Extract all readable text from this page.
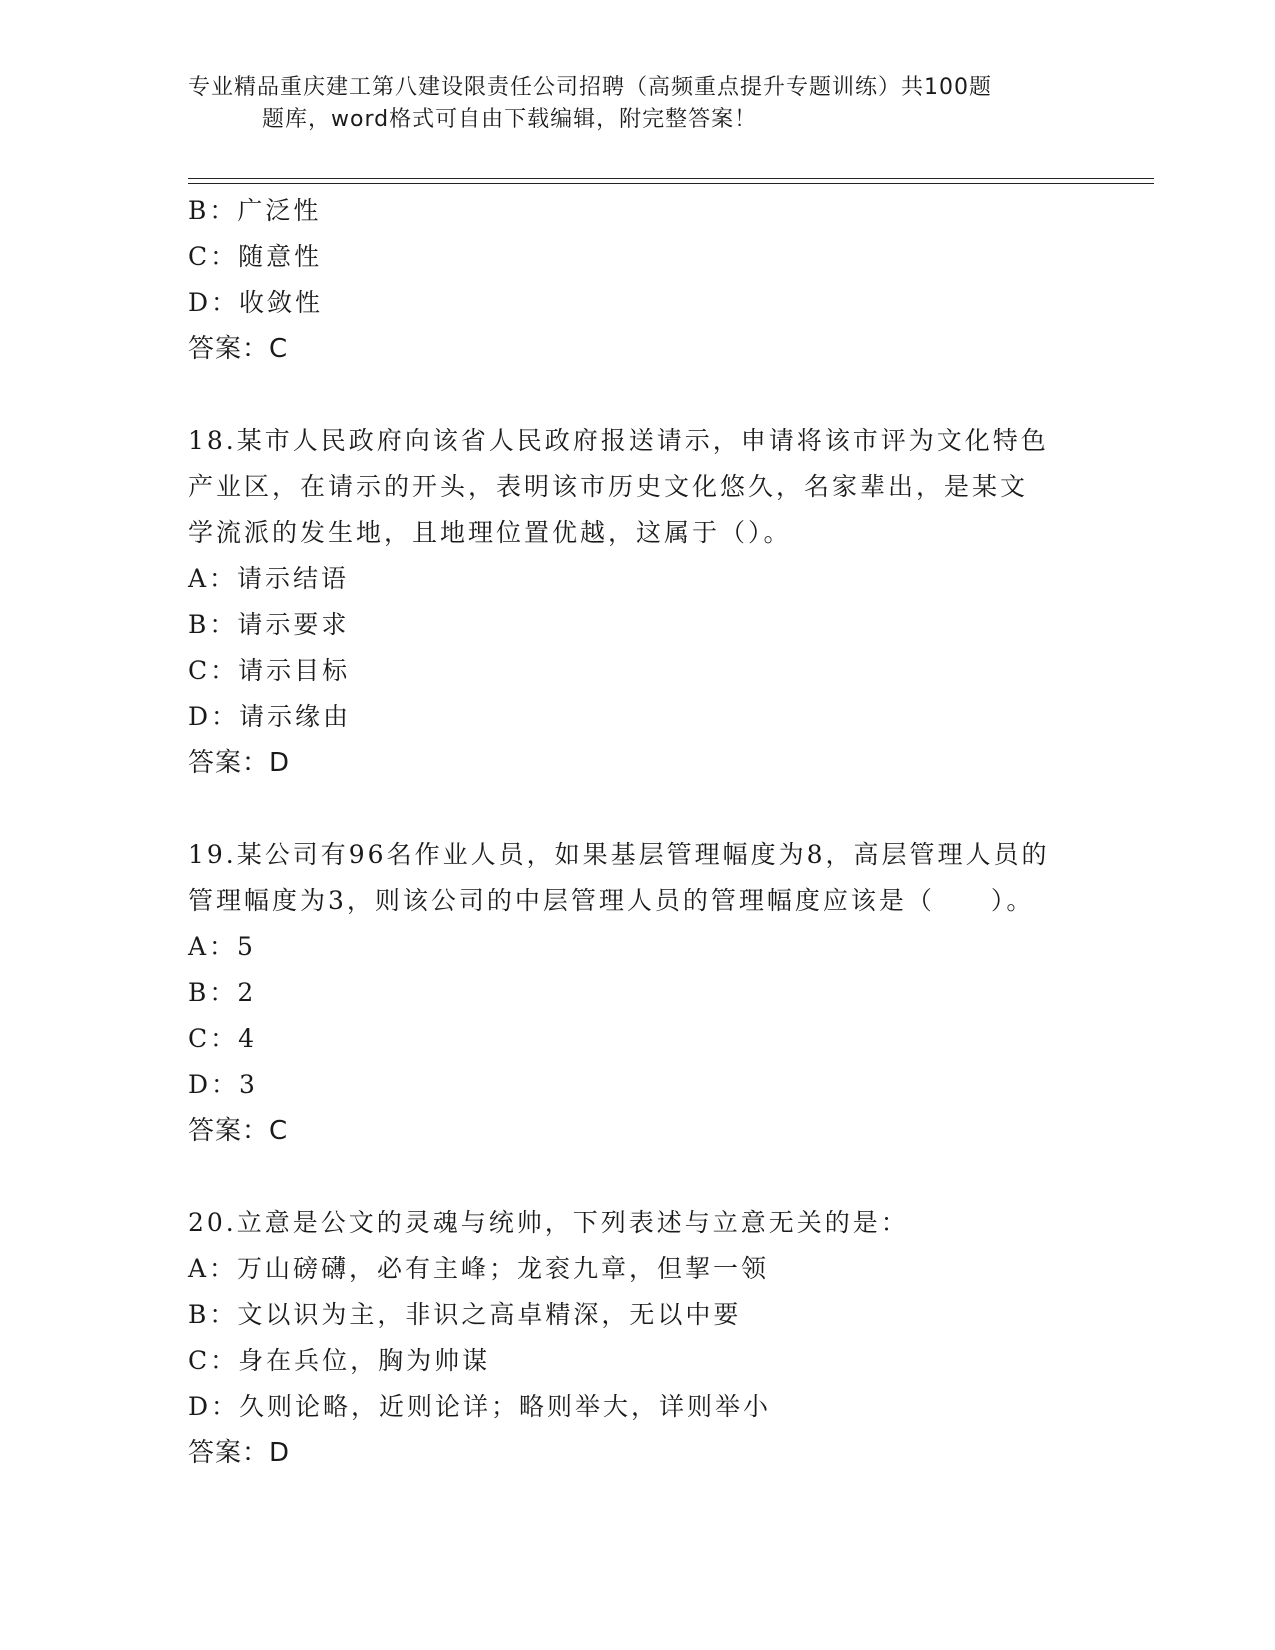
专业精品重庆建工第八建设限责任公司招聘（高频重点提升专题训练）共100题
题库，word格式可自由下载编辑，附完整答案！
B：广泛性
C：随意性
D：收敛性
答案：C
18.某市人民政府向该省人民政府报送请示，申请将该市评为文化特色
产业区，在请示的开头，表明该市历史文化悠久，名家辈出，是某文
学流派的发生地，且地理位置优越，这属于（）。
A：请示结语
B：请示要求
C：请示目标
D：请示缘由
答案：D
19.某公司有96名作业人员，如果基层管理幅度为8，高层管理人员的
管理幅度为3，则该公司的中层管理人员的管理幅度应该是（　　）。
A：5
B：2
C：4
D：3
答案：C
20.立意是公文的灵魂与统帅，下列表述与立意无关的是：
A：万山磅礴，必有主峰；龙衮九章，但挈一领
B：文以识为主，非识之高卓精深，无以中要
C：身在兵位，胸为帅谋
D：久则论略，近则论详；略则举大，详则举小
答案：D
